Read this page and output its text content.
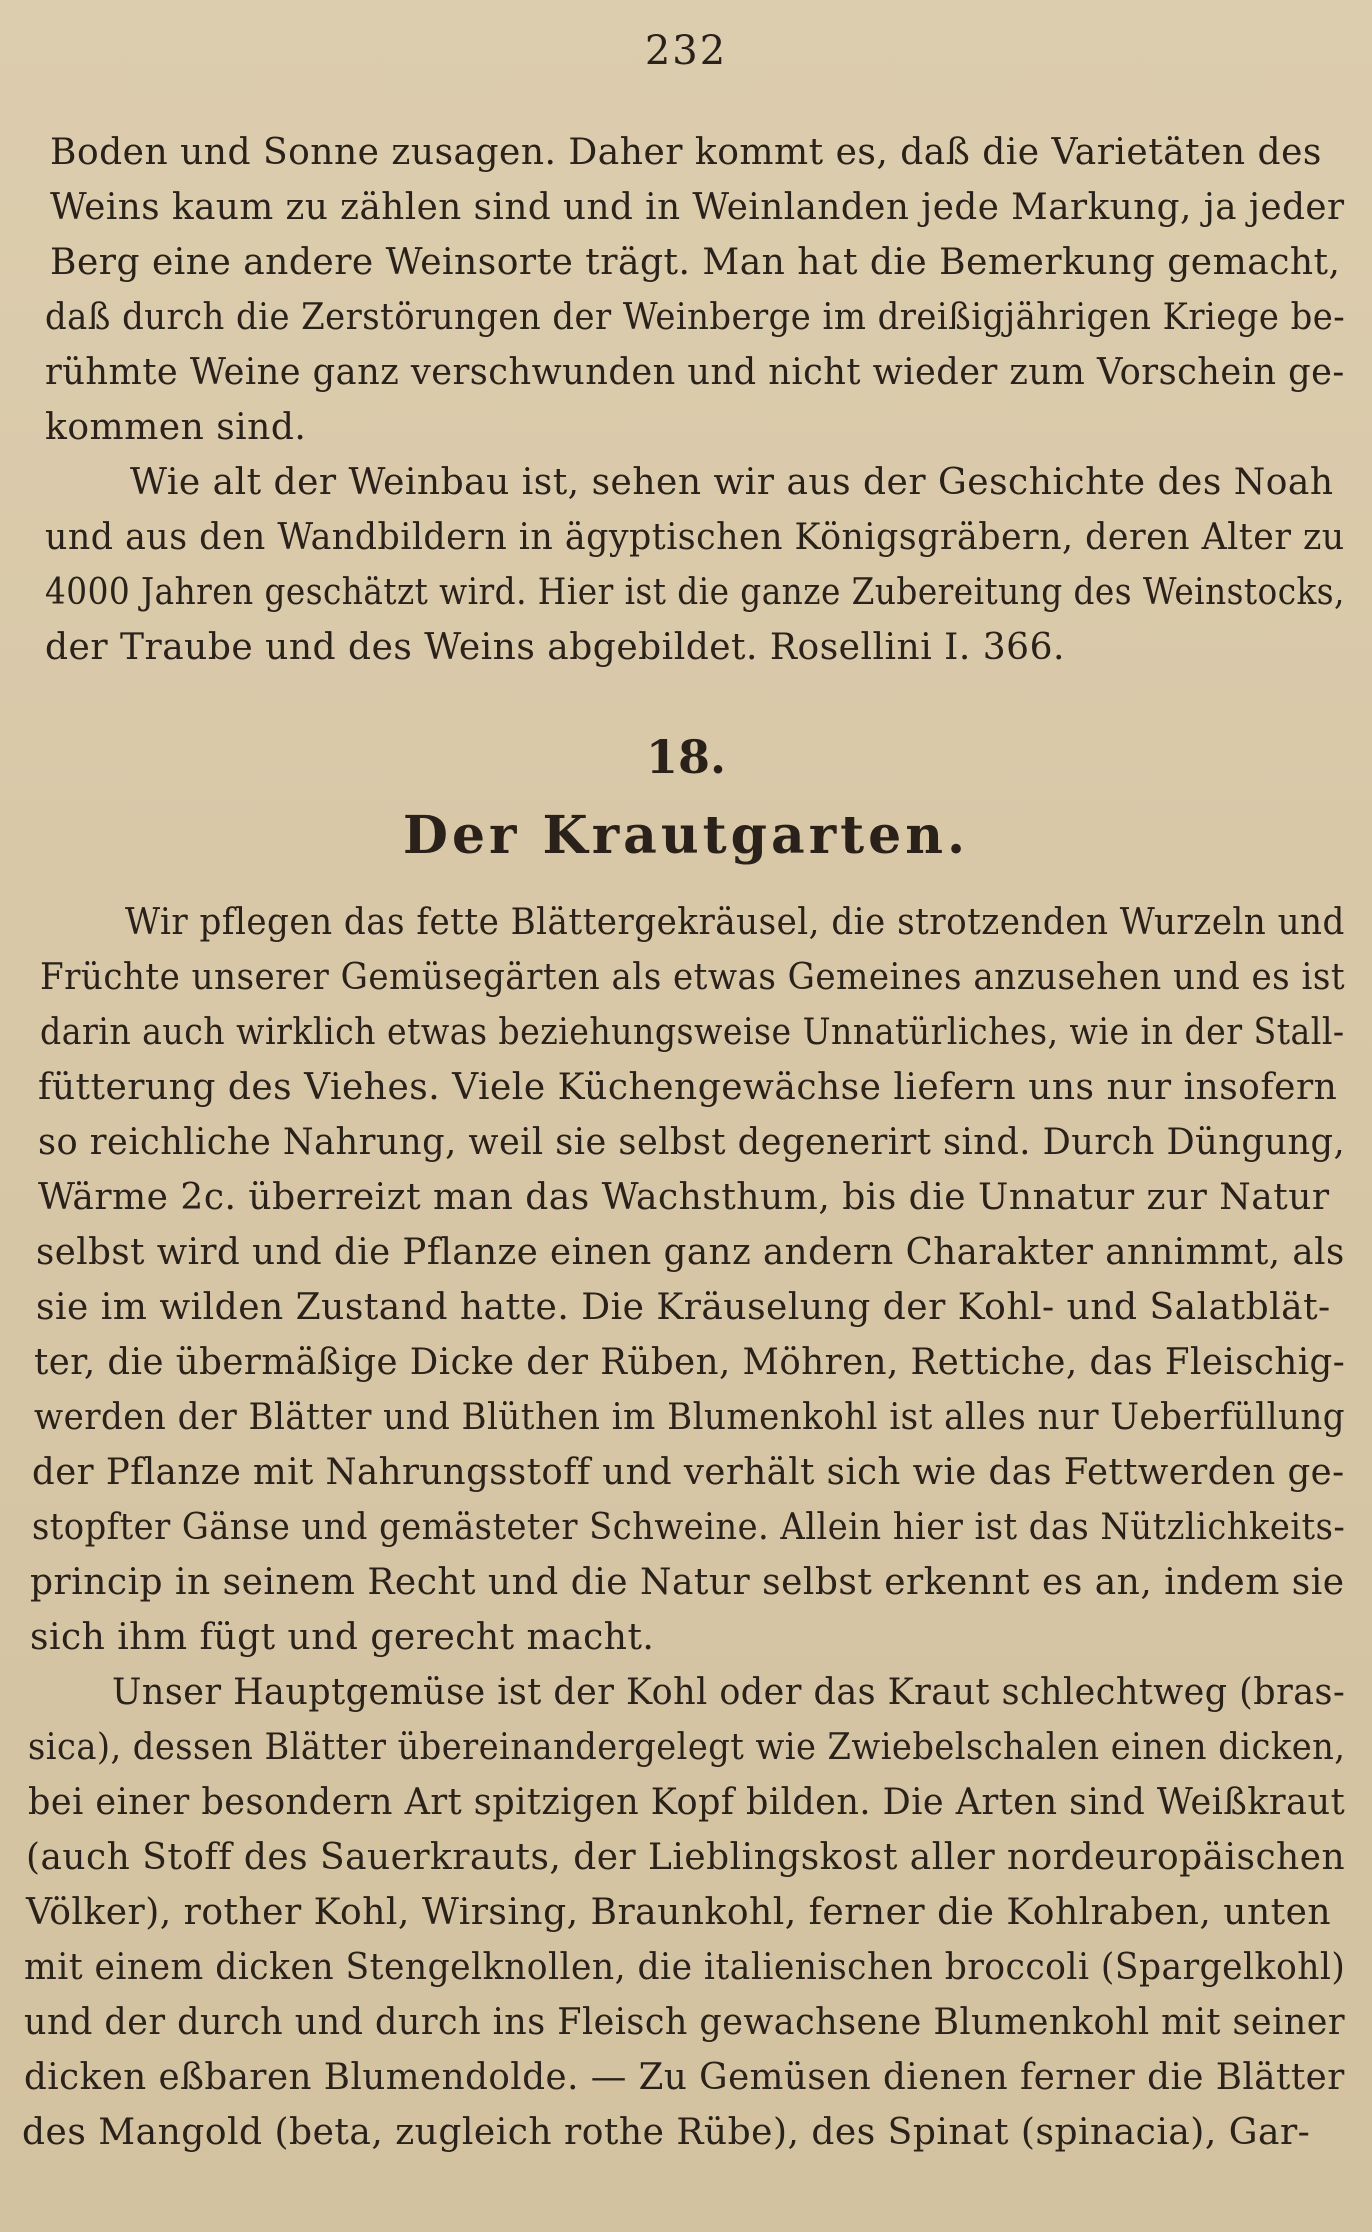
232
Boden und Sonne zusagen. Daher kommt es, daß die Varietäten des
Weins kaum zu zählen sind und in Weinlanden jede Markung, ja jeder
Berg eine andere Weinsorte trägt. Man hat die Bemerkung gemacht,
daß durch die Zerstörungen der Weinberge im dreißigjährigen Kriege be-
rühmte Weine ganz verschwunden und nicht wieder zum Vorschein ge-
kommen sind.
Wie alt der Weinbau ist, sehen wir aus der Geschichte des Noah
und aus den Wandbildern in ägyptischen Königsgräbern, deren Alter zu
4000 Jahren geschätzt wird. Hier ist die ganze Zubereitung des Weinstocks,
der Traube und des Weins abgebildet. Rosellini I. 366.
18.
Der Krautgarten.
Wir pflegen das fette Blättergekräusel, die strotzenden Wurzeln und
Früchte unserer Gemüsegärten als etwas Gemeines anzusehen und es ist
darin auch wirklich etwas beziehungsweise Unnatürliches, wie in der Stall-
fütterung des Viehes. Viele Küchengewächse liefern uns nur insofern
so reichliche Nahrung, weil sie selbst degenerirt sind. Durch Düngung,
Wärme 2c. überreizt man das Wachsthum, bis die Unnatur zur Natur
selbst wird und die Pflanze einen ganz andern Charakter annimmt, als
sie im wilden Zustand hatte. Die Kräuselung der Kohl- und Salatblät-
ter, die übermäßige Dicke der Rüben, Möhren, Rettiche, das Fleischig-
werden der Blätter und Blüthen im Blumenkohl ist alles nur Ueberfüllung
der Pflanze mit Nahrungsstoff und verhält sich wie das Fettwerden ge-
stopfter Gänse und gemästeter Schweine. Allein hier ist das Nützlichkeits-
princip in seinem Recht und die Natur selbst erkennt es an, indem sie
sich ihm fügt und gerecht macht.
Unser Hauptgemüse ist der Kohl oder das Kraut schlechtweg (bras-
sica), dessen Blätter übereinandergelegt wie Zwiebelschalen einen dicken,
bei einer besondern Art spitzigen Kopf bilden. Die Arten sind Weißkraut
(auch Stoff des Sauerkrauts, der Lieblingskost aller nordeuropäischen
Völker), rother Kohl, Wirsing, Braunkohl, ferner die Kohlraben, unten
mit einem dicken Stengelknollen, die italienischen broccoli (Spargelkohl)
und der durch und durch ins Fleisch gewachsene Blumenkohl mit seiner
dicken eßbaren Blumendolde. — Zu Gemüsen dienen ferner die Blätter
des Mangold (beta, zugleich rothe Rübe), des Spinat (spinacia), Gar-
